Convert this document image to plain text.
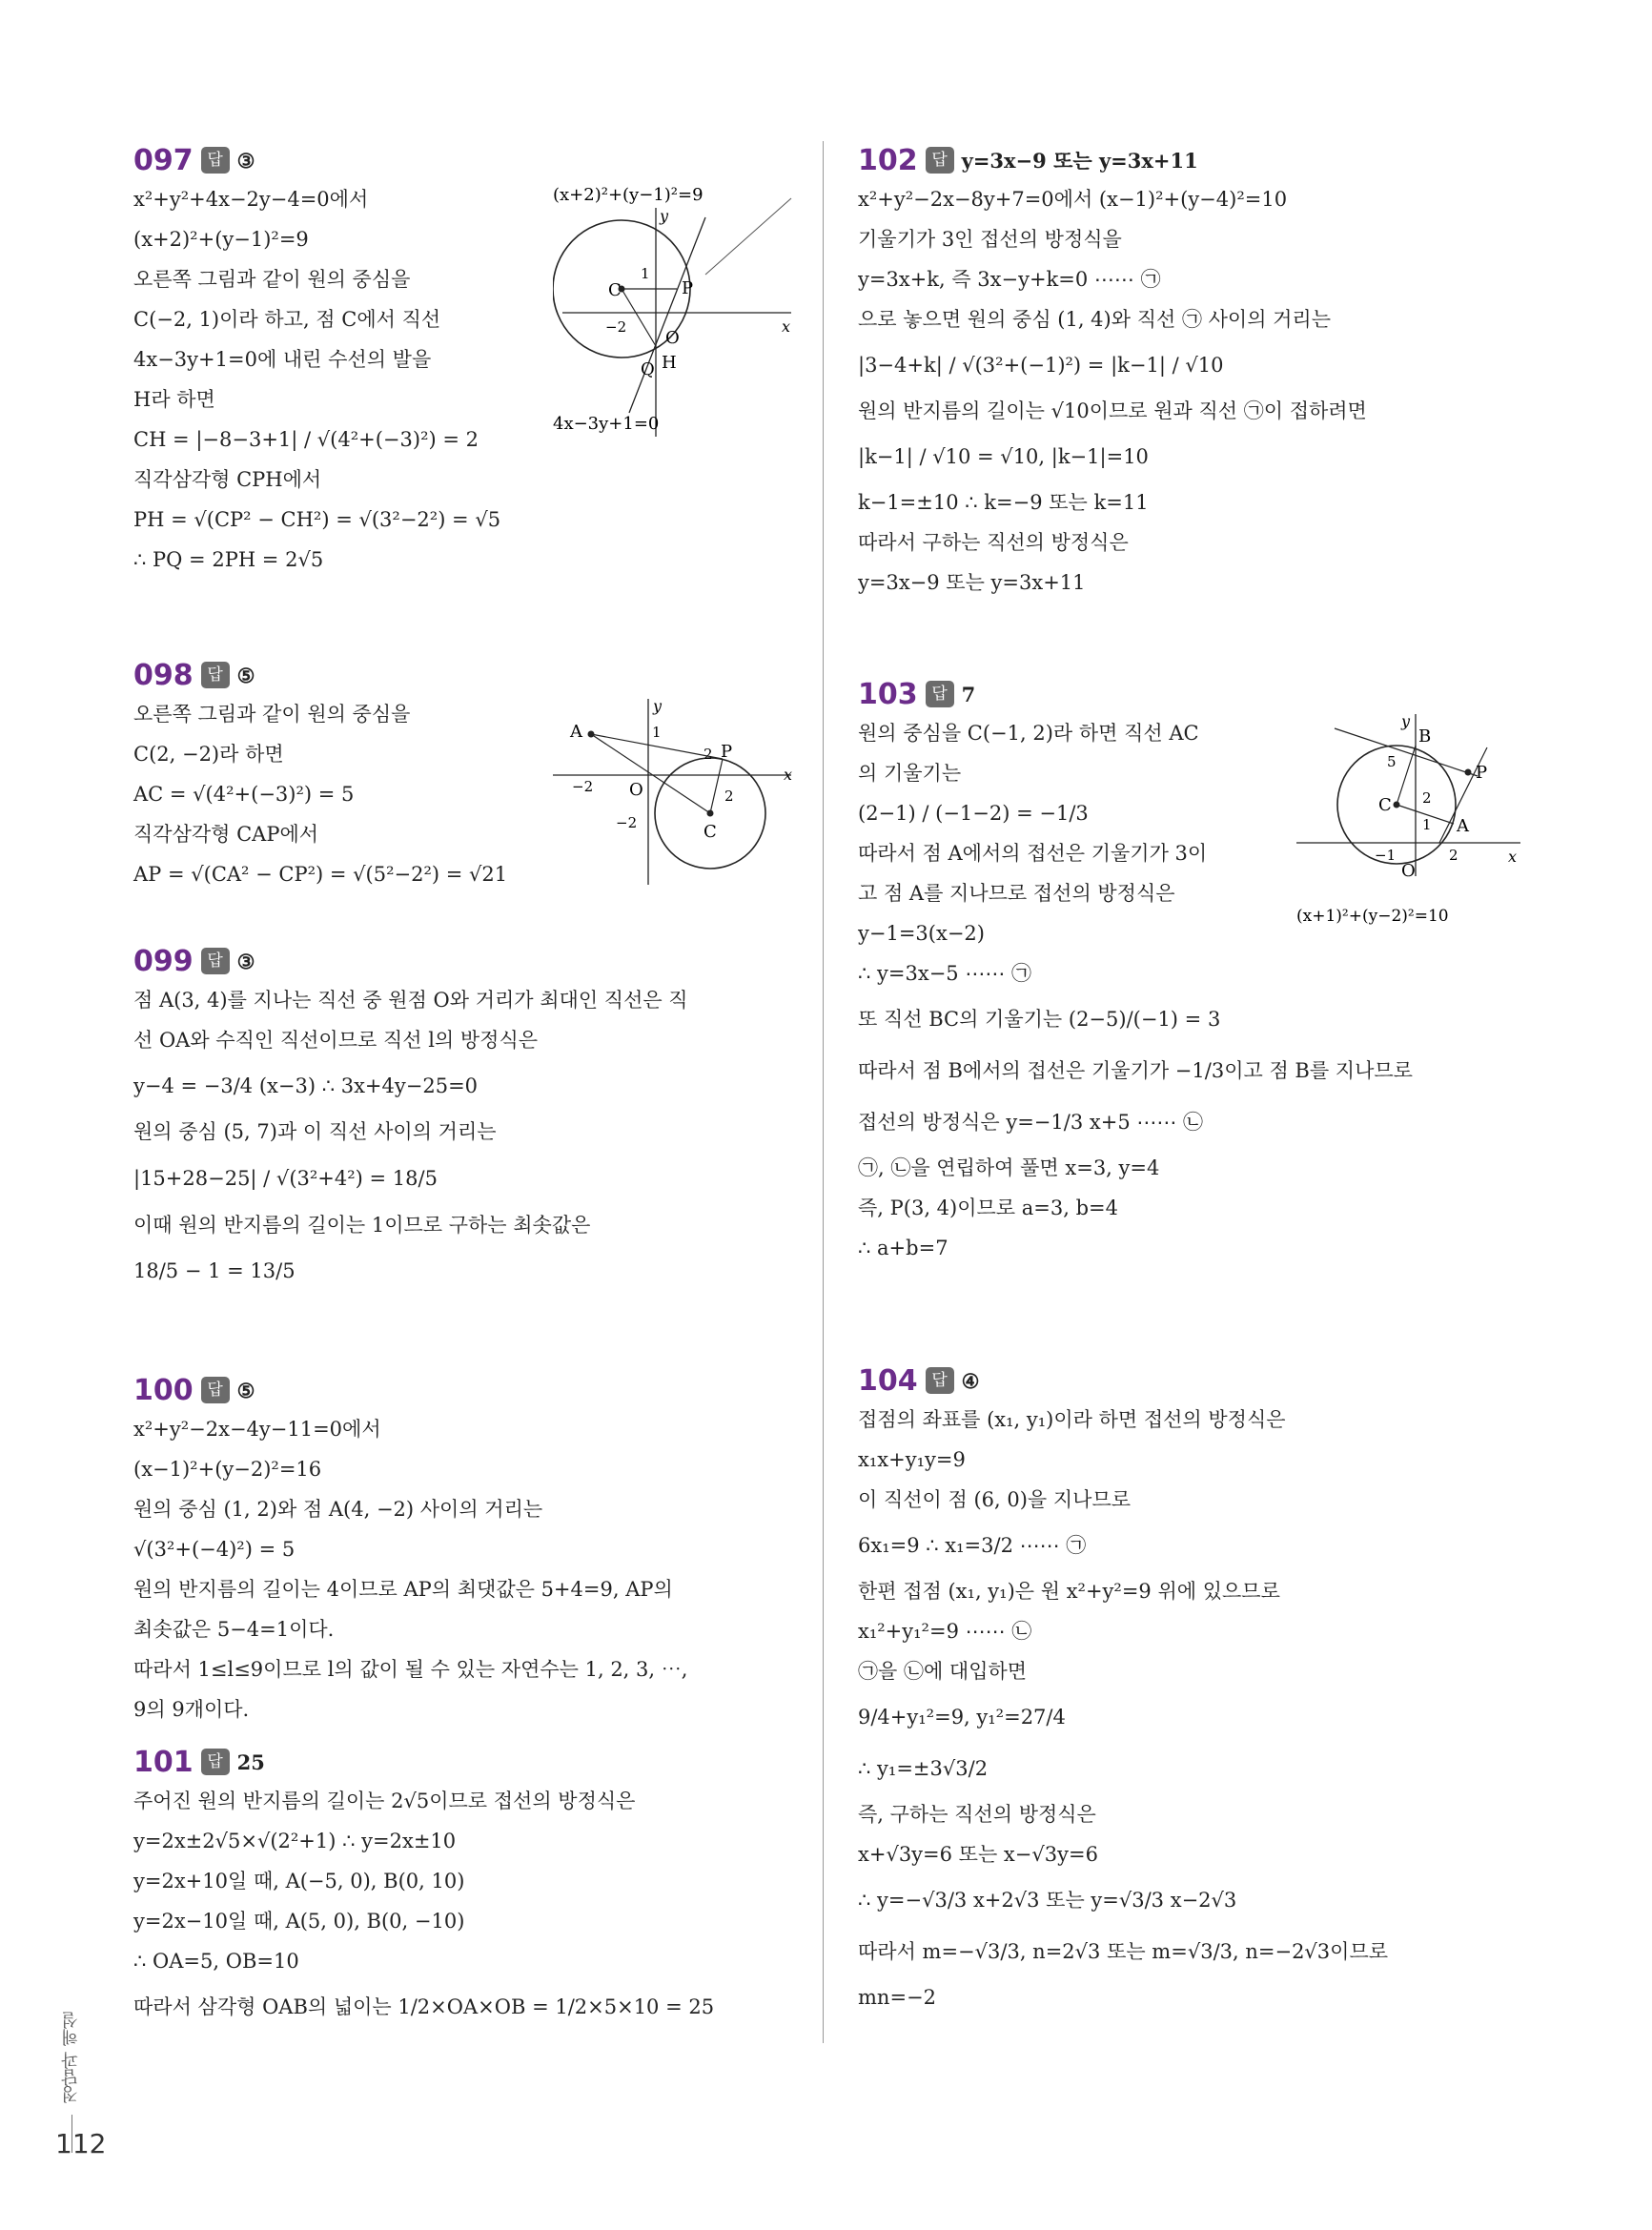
097 답 ③
x²+y²+4x−2y−4=0에서
(x+2)²+(y−1)²=9
오른쪽 그림과 같이 원의 중심을
C(−2, 1)이라 하고, 점 C에서 직선
4x−3y+1=0에 내린 수선의 발을
H라 하면
CH = |−8−3+1| / √(4²+(−3)²) = 2
직각삼각형 CPH에서
PH = √(CP² − CH²) = √(3²−2²) = √5
∴ PQ = 2PH = 2√5
(x+2)²+(y−1)²=9
y
x
C	P
1
−2
O
Q H
4x−3y+1=0
098 답 ⑤
오른쪽 그림과 같이 원의 중심을
C(2, −2)라 하면
AC = √(4²+(−3)²) = 5
직각삼각형 CAP에서
AP = √(CA² − CP²) = √(5²−2²) = √21
y
A	1
2 P
x
−2 O
−2
2
C
099 답 ③
점 A(3, 4)를 지나는 직선 중 원점 O와 거리가 최대인 직선은 직
선 OA와 수직인 직선이므로 직선 l의 방정식은
y−4 = −3/4 (x−3) ∴ 3x+4y−25=0
원의 중심 (5, 7)과 이 직선 사이의 거리는
|15+28−25| / √(3²+4²) = 18/5
이때 원의 반지름의 길이는 1이므로 구하는 최솟값은
18/5 − 1 = 13/5
100 답 ⑤
x²+y²−2x−4y−11=0에서
(x−1)²+(y−2)²=16
원의 중심 (1, 2)와 점 A(4, −2) 사이의 거리는
√(3²+(−4)²) = 5
원의 반지름의 길이는 4이므로 AP의 최댓값은 5+4=9, AP의
최솟값은 5−4=1이다.
따라서 1≤l≤9이므로 l의 값이 될 수 있는 자연수는 1, 2, 3, ⋯,
9의 9개이다.
101 답 25
주어진 원의 반지름의 길이는 2√5이므로 접선의 방정식은
y=2x±2√5×√(2²+1) ∴ y=2x±10
y=2x+10일 때, A(−5, 0), B(0, 10)
y=2x−10일 때, A(5, 0), B(0, −10)
∴ OA=5, OB=10
따라서 삼각형 OAB의 넓이는 1/2×OA×OB = 1/2×5×10 = 25
102 답 y=3x−9 또는 y=3x+11
x²+y²−2x−8y+7=0에서 (x−1)²+(y−4)²=10
기울기가 3인 접선의 방정식을
y=3x+k, 즉 3x−y+k=0 ⋯⋯ ㉠
으로 놓으면 원의 중심 (1, 4)와 직선 ㉠ 사이의 거리는
|3−4+k| / √(3²+(−1)²) = |k−1| / √10
원의 반지름의 길이는 √10이므로 원과 직선 ㉠이 접하려면
|k−1| / √10 = √10, |k−1|=10
k−1=±10 ∴ k=−9 또는 k=11
따라서 구하는 직선의 방정식은
y=3x−9 또는 y=3x+11
103 답 7
원의 중심을 C(−1, 2)라 하면 직선 AC
의 기울기는
(2−1) / (−1−2) = −1/3
따라서 점 A에서의 접선은 기울기가 3이
고 점 A를 지나므로 접선의 방정식은
y−1=3(x−2)
∴ y=3x−5 ⋯⋯ ㉠
또 직선 BC의 기울기는 (2−5)/(−1) = 3
따라서 점 B에서의 접선은 기울기가 −1/3이고 점 B를 지나므로
접선의 방정식은 y=−1/3 x+5 ⋯⋯ ㉡
㉠, ㉡을 연립하여 풀면 x=3, y=4
즉, P(3, 4)이므로 a=3, b=4
∴ a+b=7
y
B
P
5
C 2
A
1
−1	2	x
O
(x+1)²+(y−2)²=10
104 답 ④
접점의 좌표를 (x₁, y₁)이라 하면 접선의 방정식은
x₁x+y₁y=9
이 직선이 점 (6, 0)을 지나므로
6x₁=9 ∴ x₁=3/2 ⋯⋯ ㉠
한편 접점 (x₁, y₁)은 원 x²+y²=9 위에 있으므로
x₁²+y₁²=9 ⋯⋯ ㉡
㉠을 ㉡에 대입하면
9/4+y₁²=9, y₁²=27/4
∴ y₁=±3√3/2
즉, 구하는 직선의 방정식은
x+√3y=6 또는 x−√3y=6
∴ y=−√3/3 x+2√3 또는 y=√3/3 x−2√3
따라서 m=−√3/3, n=2√3 또는 m=√3/3, n=−2√3이므로
mn=−2
정답과 해설
112
